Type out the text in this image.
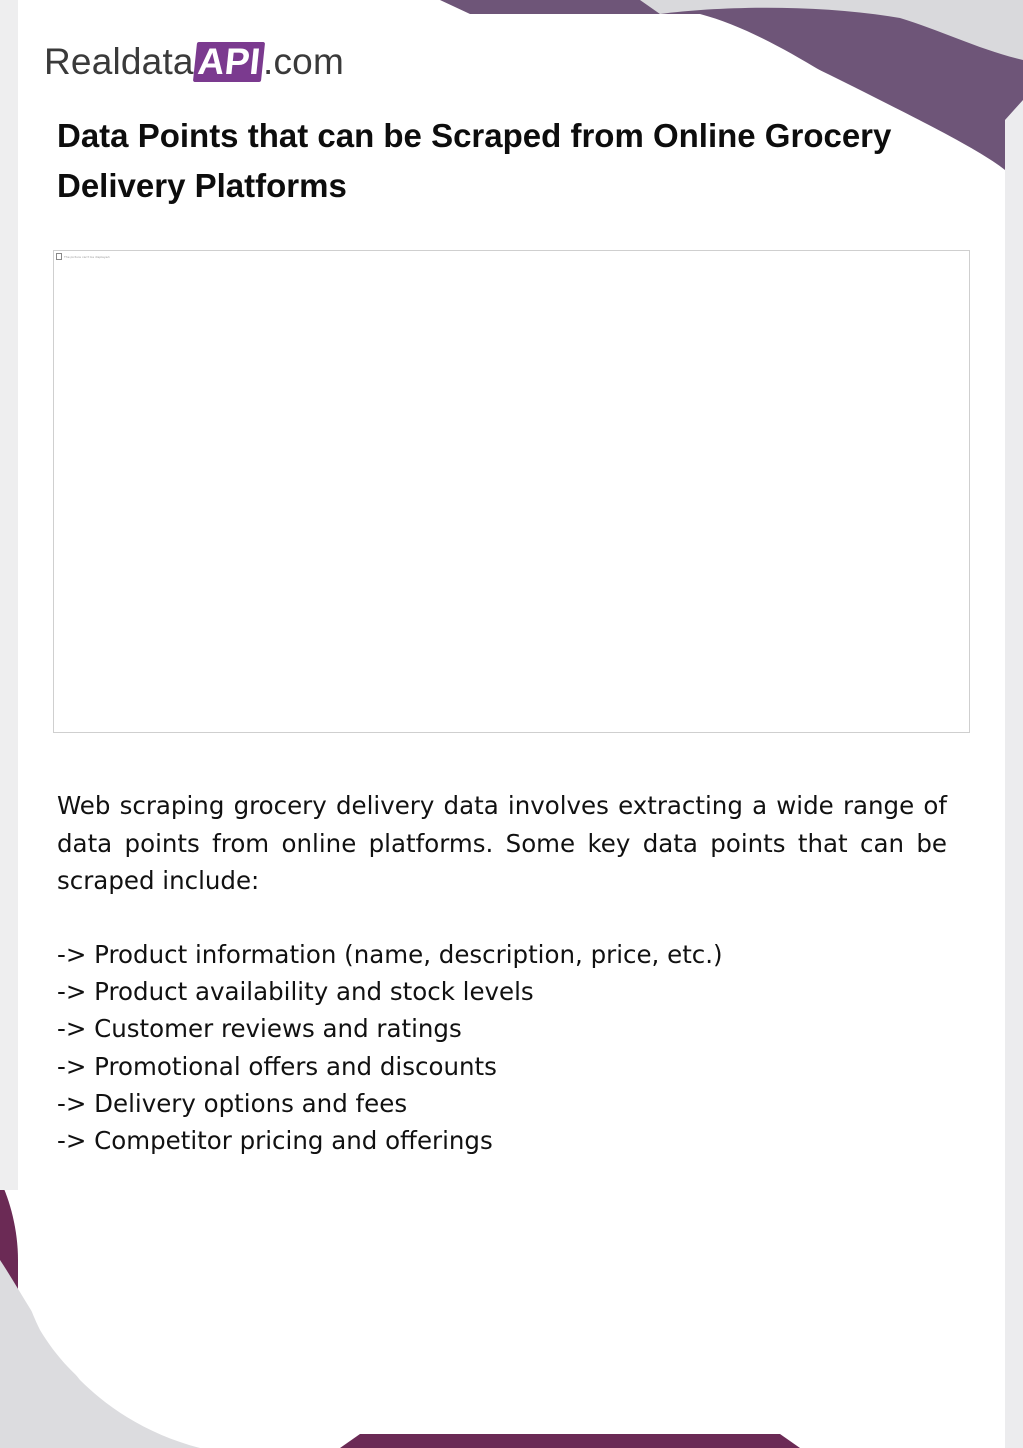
Realdata API .com
Data Points that can be Scraped from Online Grocery Delivery Platforms
The picture can't be displayed.

Web scraping grocery delivery data involves extracting a wide range of data points from online platforms. Some key data points that can be scraped include:

-> Product information (name, description, price, etc.)
-> Product availability and stock levels
-> Customer reviews and ratings
-> Promotional offers and discounts
-> Delivery options and fees
-> Competitor pricing and offerings
